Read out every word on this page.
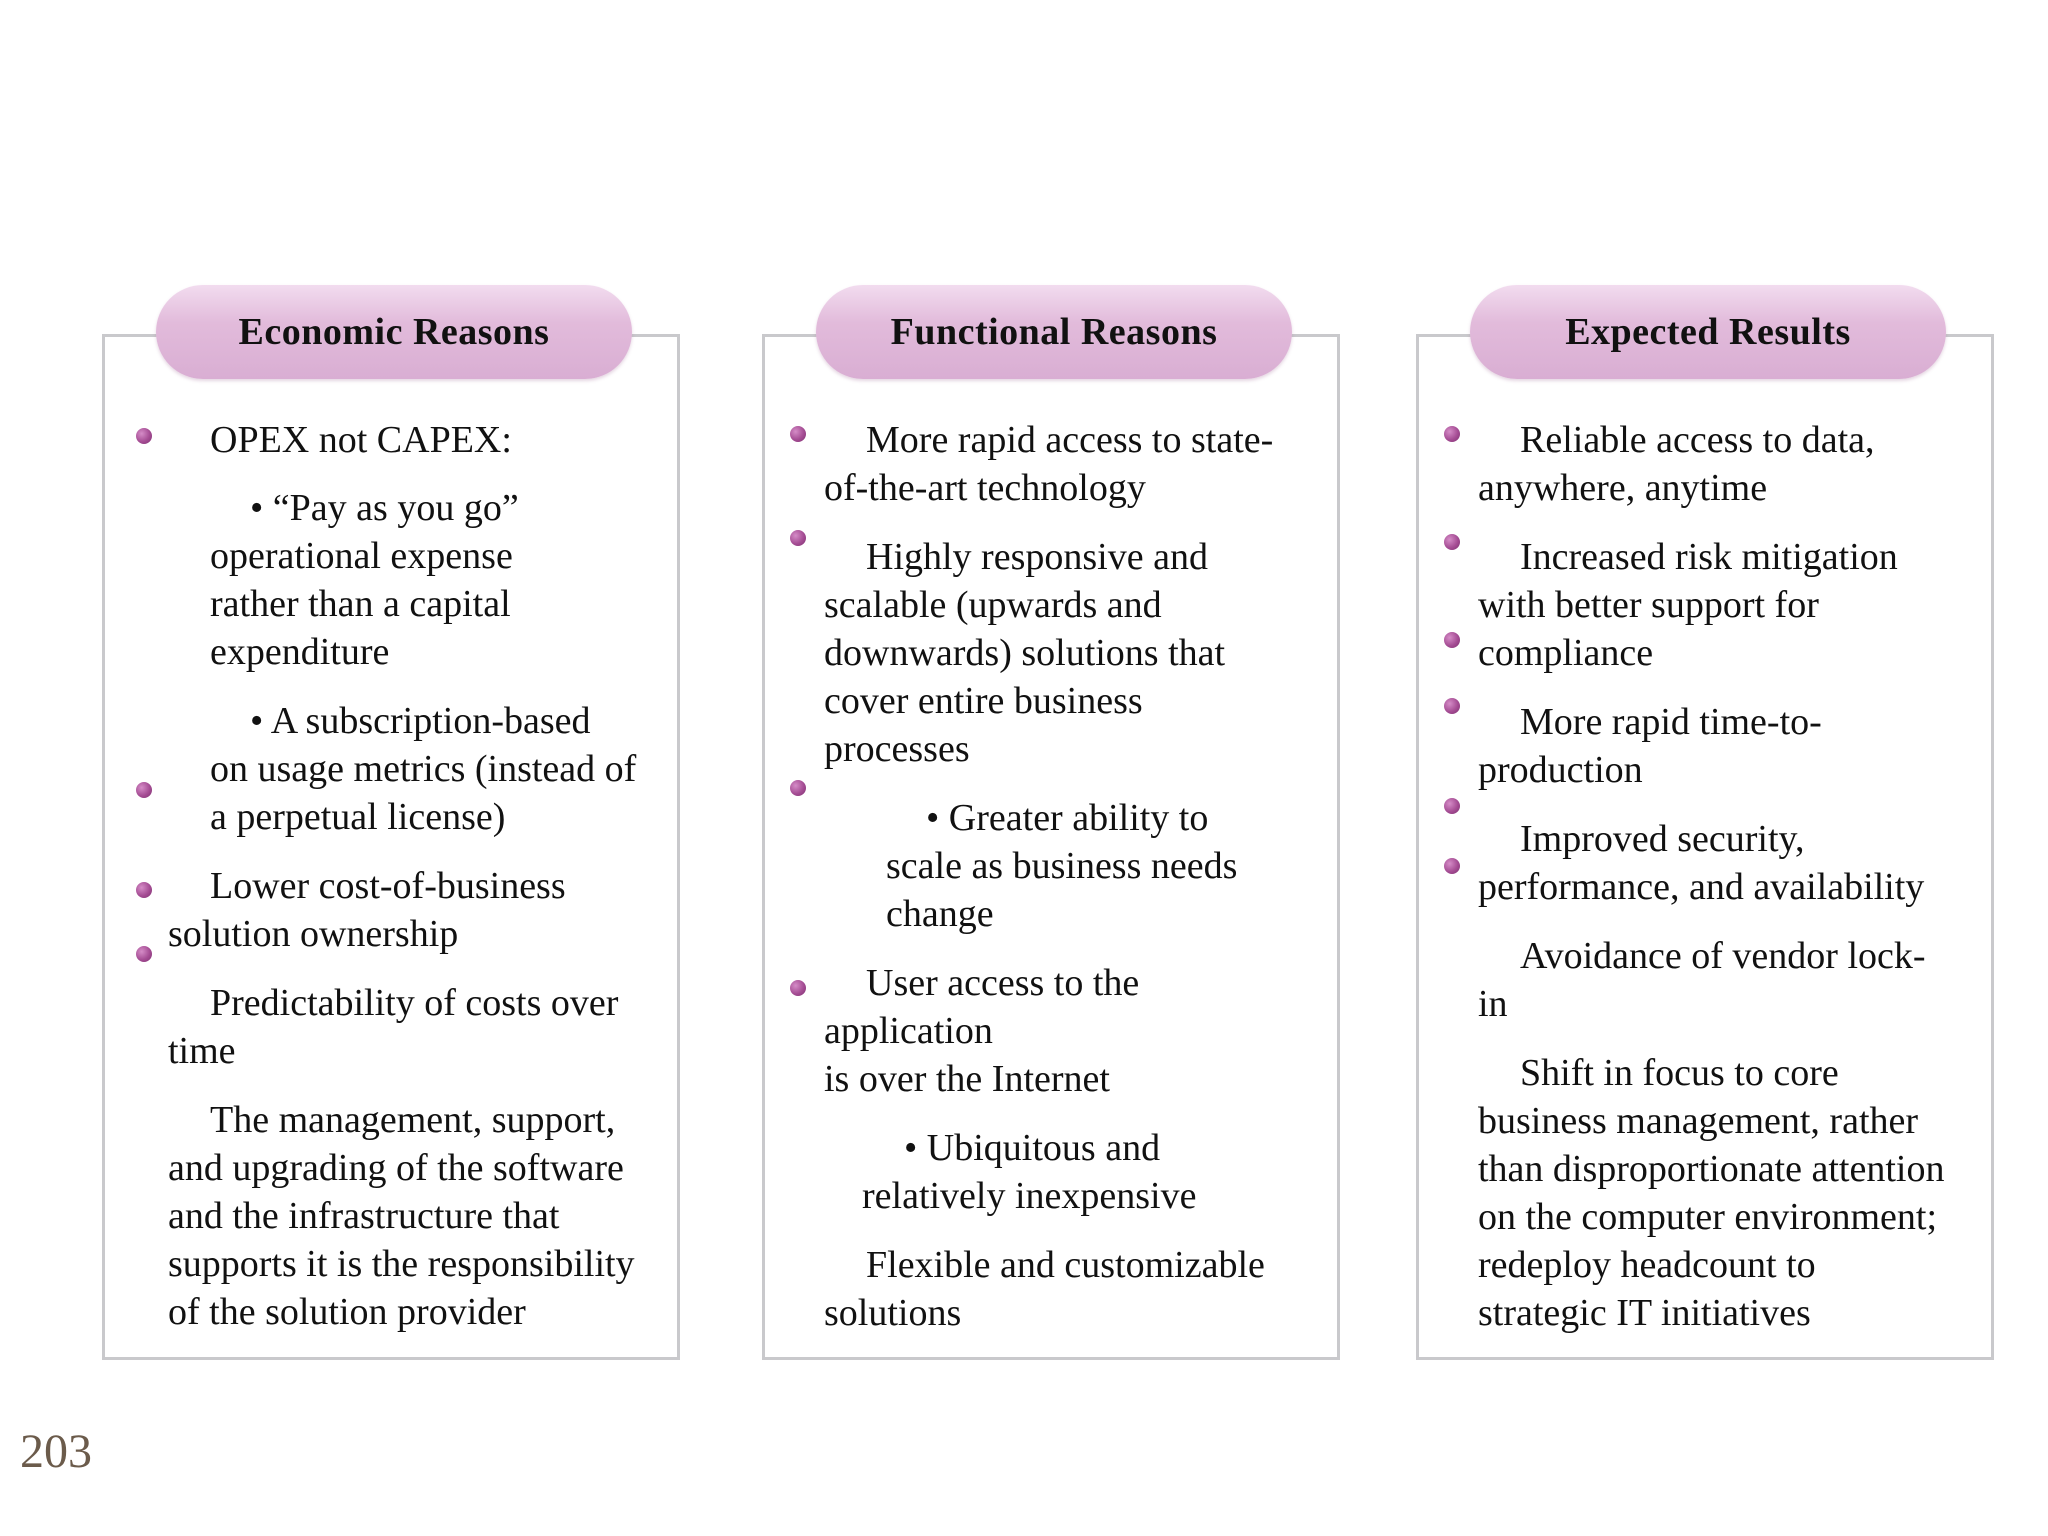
Economic Reasons	Functional Reasons	Expected Results

OPEX not CAPEX:

• “Pay as you go”

operational expense

rather than a capital

expenditure

• A subscription-based

on usage metrics (instead of

a perpetual license)

Lower cost-of-business

solution ownership

Predictability of costs over

time

The management, support,

and upgrading of the software

and the infrastructure that

supports it is the responsibility

of the solution provider

More rapid access to state-

of-the-art technology

Highly responsive and

scalable (upwards and

downwards) solutions that

cover entire business

processes

• Greater ability to

scale as business needs

change

User access to the

application

is over the Internet

• Ubiquitous and

relatively inexpensive

Flexible and customizable

solutions

Reliable access to data,

anywhere, anytime

Increased risk mitigation

with better support for

compliance

More rapid time-to-

production

Improved security,

performance, and availability

Avoidance of vendor lock-

in

Shift in focus to core

business management, rather

than disproportionate attention

on the computer environment;

redeploy headcount to

strategic IT initiatives

203
